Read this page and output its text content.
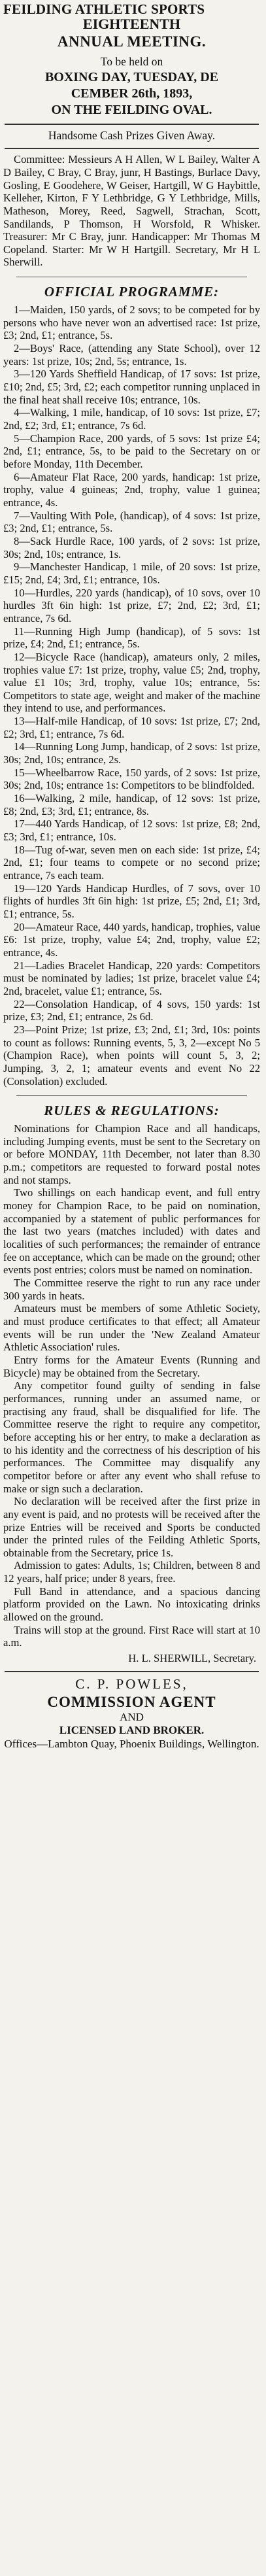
FEILDING ATHLETIC SPORTS

EIGHTEENTH

ANNUAL MEETING.

To be held on

BOXING DAY, TUESDAY, DE

CEMBER 26th, 1893,

ON THE FEILDING OVAL.

Handsome Cash Prizes Given Away.

Committee: Messieurs A H Allen, W L Bailey, Walter A D Bailey, C Bray, C Bray, junr, H Bastings, Burlace Davy, Gosling, E Goodehere, W Geiser, Hartgill, W G Haybittle, Kelleher, Kirton, F Y Lethbridge, G Y Lethbridge, Mills, Matheson, Morey, Reed, Sagwell, Strachan, Scott, Sandilands, P Thomson, H Worsfold, R Whisker. Treasurer: Mr C Bray, junr. Handicapper: Mr Thomas M Copeland. Starter: Mr W H Hartgill. Secretary, Mr H L Sherwill.

OFFICIAL PROGRAMME:

1—Maiden, 150 yards, of 2 sovs; to be competed for by persons who have never won an advertised race: 1st prize, £3; 2nd, £1; entrance, 5s.

2—Boys' Race, (attending any State School), over 12 years: 1st prize, 10s; 2nd, 5s; entrance, 1s.

3—120 Yards Sheffield Handicap, of 17 sovs: 1st prize, £10; 2nd, £5; 3rd, £2; each competitor running unplaced in the final heat shall receive 10s; entrance, 10s.

4—Walking, 1 mile, handicap, of 10 sovs: 1st prize, £7; 2nd, £2; 3rd, £1; entrance, 7s 6d.

5—Champion Race, 200 yards, of 5 sovs: 1st prize £4; 2nd, £1; entrance, 5s, to be paid to the Secretary on or before Monday, 11th December.

6—Amateur Flat Race, 200 yards, handicap: 1st prize, trophy, value 4 guineas; 2nd, trophy, value 1 guinea; entrance, 4s.

7—Vaulting With Pole, (handicap), of 4 sovs: 1st prize, £3; 2nd, £1; entrance, 5s.

8—Sack Hurdle Race, 100 yards, of 2 sovs: 1st prize, 30s; 2nd, 10s; entrance, 1s.

9—Manchester Handicap, 1 mile, of 20 sovs: 1st prize, £15; 2nd, £4; 3rd, £1; entrance, 10s.

10—Hurdles, 220 yards (handicap), of 10 sovs, over 10 hurdles 3ft 6in high: 1st prize, £7; 2nd, £2; 3rd, £1; entrance, 7s 6d.

11—Running High Jump (handicap), of 5 sovs: 1st prize, £4; 2nd, £1; entrance, 5s.

12—Bicycle Race (handicap), amateurs only, 2 miles, trophies value £7: 1st prize, trophy, value £5; 2nd, trophy, value £1 10s; 3rd, trophy, value 10s; entrance, 5s: Competitors to state age, weight and maker of the machine they intend to use, and performances.

13—Half-mile Handicap, of 10 sovs: 1st prize, £7; 2nd, £2; 3rd, £1; entrance, 7s 6d.

14—Running Long Jump, handicap, of 2 sovs: 1st prize, 30s; 2nd, 10s; entrance, 2s.

15—Wheelbarrow Race, 150 yards, of 2 sovs: 1st prize, 30s; 2nd, 10s; entrance 1s: Competitors to be blindfolded.

16—Walking, 2 mile, handicap, of 12 sovs: 1st prize, £8; 2nd, £3; 3rd, £1; entrance, 8s.

17—440 Yards Handicap, of 12 sovs: 1st prize, £8; 2nd, £3; 3rd, £1; entrance, 10s.

18—Tug of-war, seven men on each side: 1st prize, £4; 2nd, £1; four teams to compete or no second prize; entrance, 7s each team.

19—120 Yards Handicap Hurdles, of 7 sovs, over 10 flights of hurdles 3ft 6in high: 1st prize, £5; 2nd, £1; 3rd, £1; entrance, 5s.

20—Amateur Race, 440 yards, handicap, trophies, value £6: 1st prize, trophy, value £4; 2nd, trophy, value £2; entrance, 4s.

21—Ladies Bracelet Handicap, 220 yards: Competitors must be nominated by ladies; 1st prize, bracelet value £4; 2nd, bracelet, value £1; entrance, 5s.

22—Consolation Handicap, of 4 sovs, 150 yards: 1st prize, £3; 2nd, £1; entrance, 2s 6d.

23—Point Prize; 1st prize, £3; 2nd, £1; 3rd, 10s: points to count as follows: Running events, 5, 3, 2—except No 5 (Champion Race), when points will count 5, 3, 2; Jumping, 3, 2, 1; amateur events and event No 22 (Consolation) excluded.

RULES & REGULATIONS:

Nominations for Champion Race and all handicaps, including Jumping events, must be sent to the Secretary on or before MONDAY, 11th December, not later than 8.30 p.m.; competitors are requested to forward postal notes and not stamps.

Two shillings on each handicap event, and full entry money for Champion Race, to be paid on nomination, accompanied by a statement of public performances for the last two years (matches included) with dates and localities of such performances; the remainder of entrance fee on acceptance, which can be made on the ground; other events post entries; colors must be named on nomination.

The Committee reserve the right to run any race under 300 yards in heats.

Amateurs must be members of some Athletic Society, and must produce certificates to that effect; all Amateur events will be run under the 'New Zealand Amateur Athletic Association' rules.

Entry forms for the Amateur Events (Running and Bicycle) may be obtained from the Secretary.

Any competitor found guilty of sending in false performances, running under an assumed name, or practising any fraud, shall be disqualified for life. The Committee reserve the right to require any competitor, before accepting his or her entry, to make a declaration as to his identity and the correctness of his description of his performances. The Committee may disqualify any competitor before or after any event who shall refuse to make or sign such a declaration.

No declaration will be received after the first prize in any event is paid, and no protests will be received after the prize Entries will be received and Sports be conducted under the printed rules of the Feilding Athletic Sports, obtainable from the Secretary, price 1s.

Admission to gates: Adults, 1s; Children, between 8 and 12 years, half price; under 8 years, free.

Full Band in attendance, and a spacious dancing platform provided on the Lawn. No intoxicating drinks allowed on the ground.

Trains will stop at the ground. First Race will start at 10 a.m.

H. L. SHERWILL, Secretary.

C. P. POWLES,
COMMISSION AGENT
AND
LICENSED LAND BROKER.
Offices—Lambton Quay, Phoenix Buildings, Wellington.
